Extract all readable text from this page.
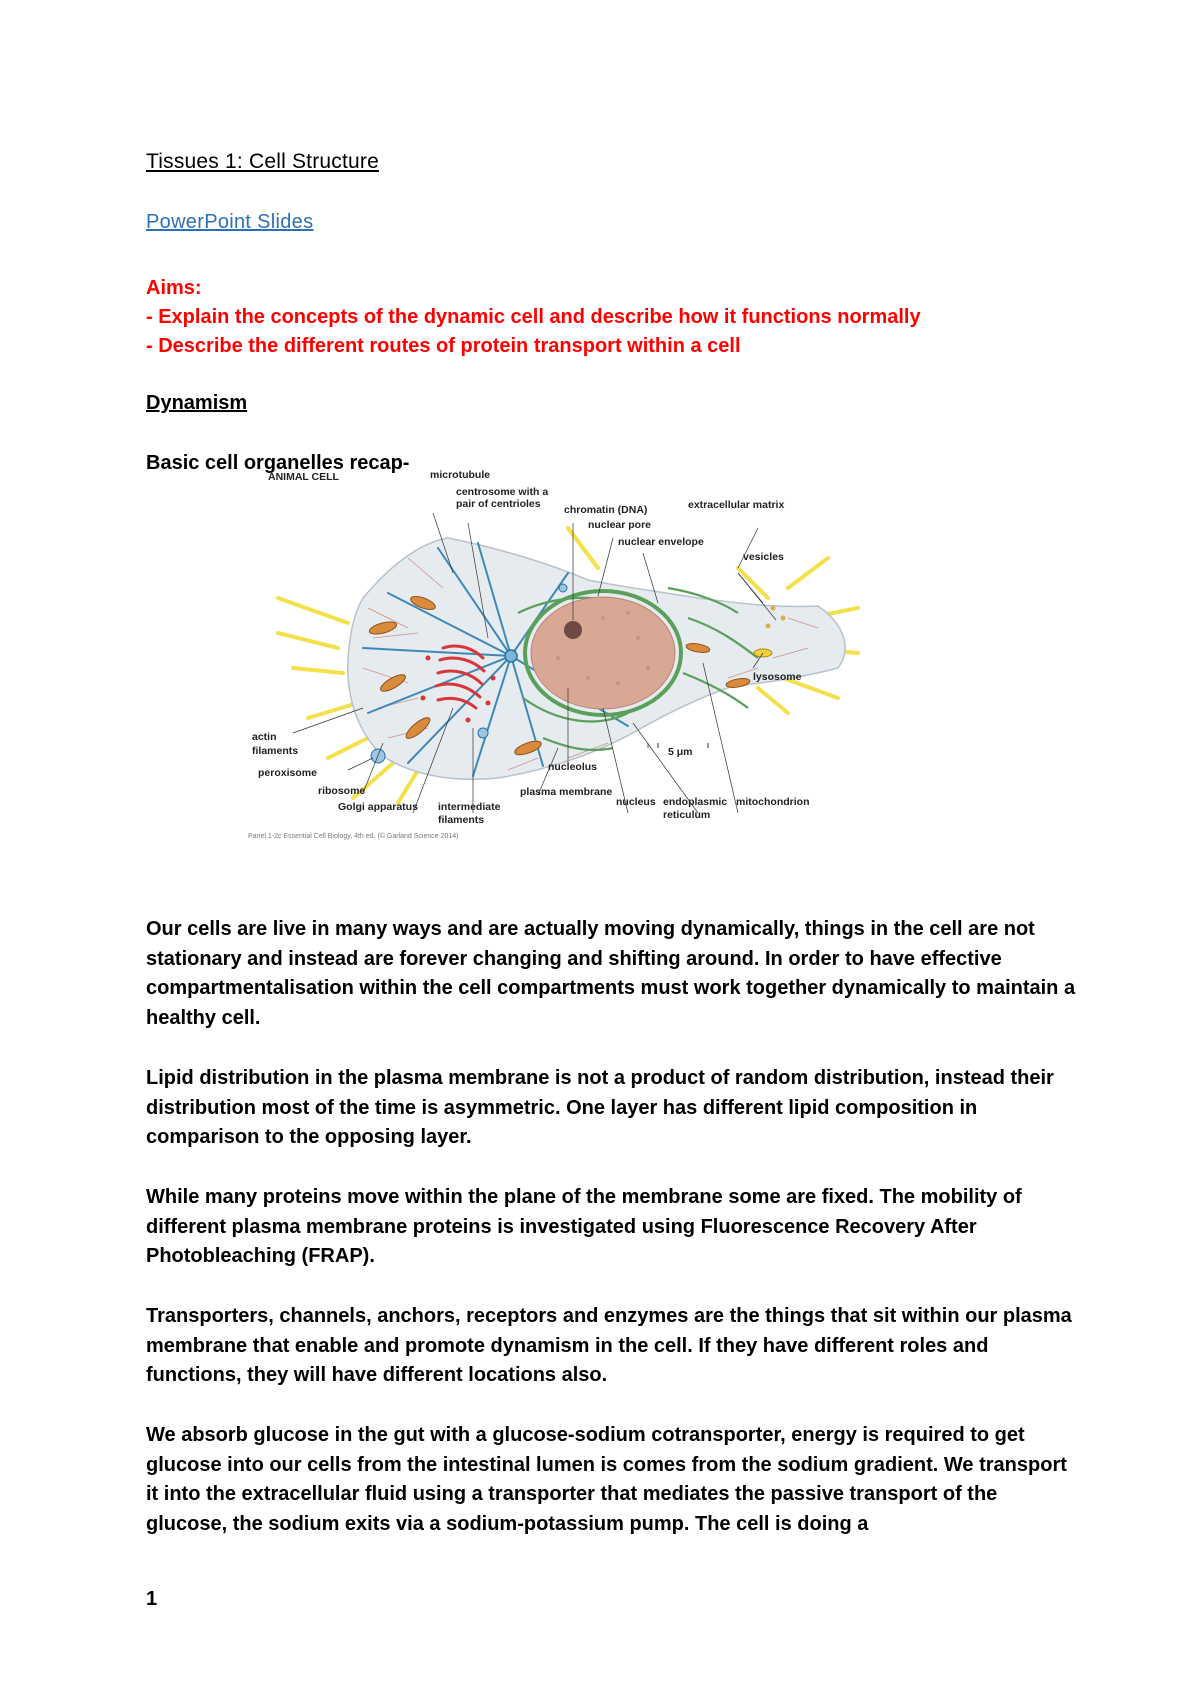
Tissues 1: Cell Structure
PowerPoint Slides
Aims:
- Explain the concepts of the dynamic cell and describe how it functions normally
- Describe the different routes of protein transport within a cell
Dynamism
Basic cell organelles recap-
ANIMAL CELL	microtubule
centrosome with a
pair of centrioles chromatin (DNA)
nuclear pore
nuclear envelope
extracellular matrix
vesicles
lysosome
actin
filaments
peroxisome
ribosome
Golgi apparatus intermediate
filaments
plasma membrane
nucleolus
nucleus endoplasmic
reticulum
mitochondrion
5 μm
Panel 1-2c Essential Cell Biology, 4th ed. (© Garland Science 2014)

Our cells are live in many ways and are actually moving dynamically, things in the cell are not stationary and instead are forever changing and shifting around. In order to have effective compartmentalisation within the cell compartments must work together dynamically to maintain a healthy cell.

Lipid distribution in the plasma membrane is not a product of random distribution, instead their distribution most of the time is asymmetric. One layer has different lipid composition in comparison to the opposing layer.

While many proteins move within the plane of the membrane some are fixed. The mobility of different plasma membrane proteins is investigated using Fluorescence Recovery After Photobleaching (FRAP).

Transporters, channels, anchors, receptors and enzymes are the things that sit within our plasma membrane that enable and promote dynamism in the cell. If they have different roles and functions, they will have different locations also.

We absorb glucose in the gut with a glucose-sodium cotransporter, energy is required to get glucose into our cells from the intestinal lumen is comes from the sodium gradient. We transport it into the extracellular fluid using a transporter that mediates the passive transport of the glucose, the sodium exits via a sodium-potassium pump. The cell is doing a

1
